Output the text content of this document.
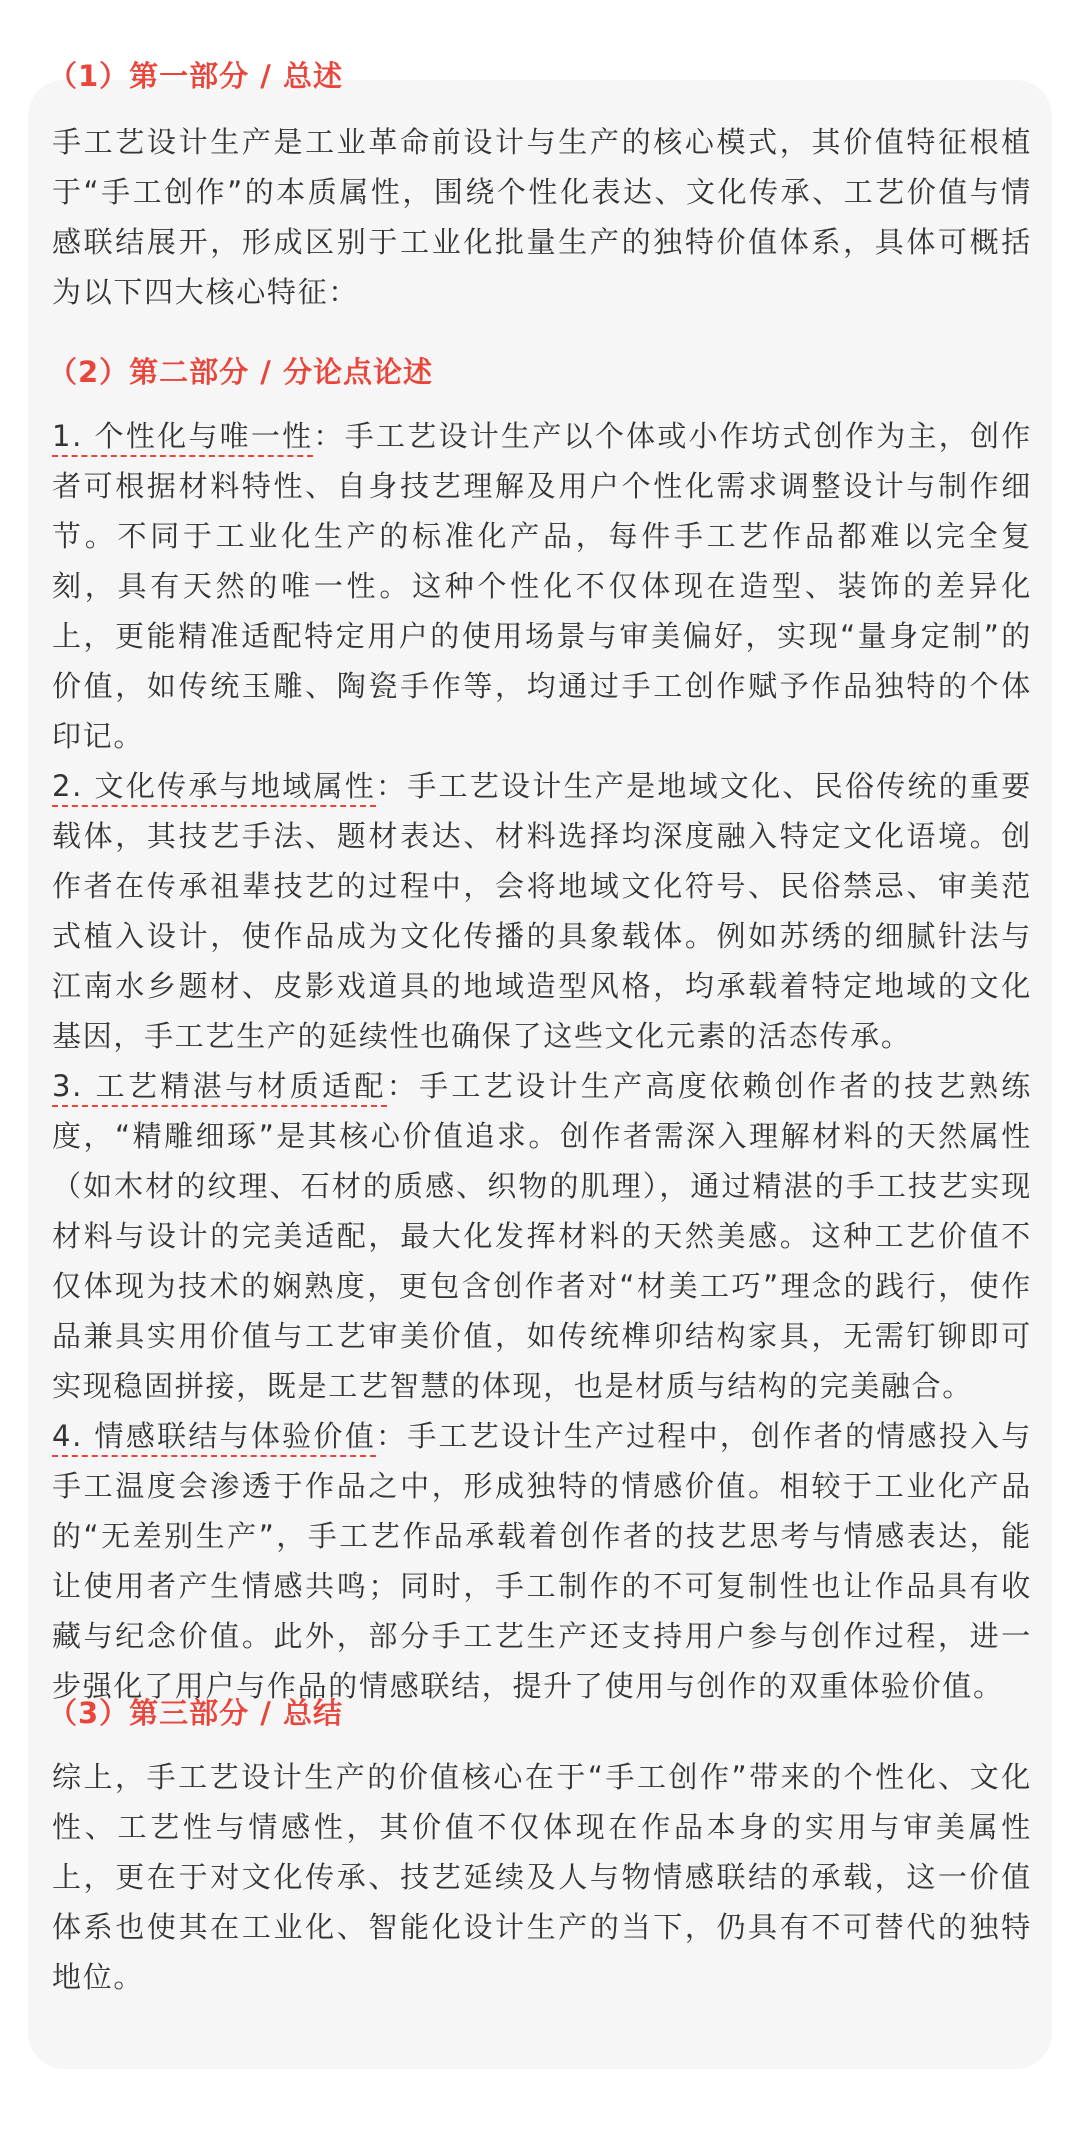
（1）第一部分 / 总述

手工艺设计生产是工业革命前设计与生产的核心模式，其价值特征根植于“手工创作”的本质属性，围绕个性化表达、文化传承、工艺价值与情感联结展开，形成区别于工业化批量生产的独特价值体系，具体可概括为以下四大核心特征：

（2）第二部分 / 分论点论述
1. 个性化与唯一性：手工艺设计生产以个体或小作坊式创作为主，创作者可根据材料特性、自身技艺理解及用户个性化需求调整设计与制作细节。不同于工业化生产的标准化产品，每件手工艺作品都难以完全复刻，具有天然的唯一性。这种个性化不仅体现在造型、装饰的差异化上，更能精准适配特定用户的使用场景与审美偏好，实现“量身定制”的价值，如传统玉雕、陶瓷手作等，均通过手工创作赋予作品独特的个体印记。
2. 文化传承与地域属性：手工艺设计生产是地域文化、民俗传统的重要载体，其技艺手法、题材表达、材料选择均深度融入特定文化语境。创作者在传承祖辈技艺的过程中，会将地域文化符号、民俗禁忌、审美范式植入设计，使作品成为文化传播的具象载体。例如苏绣的细腻针法与江南水乡题材、皮影戏道具的地域造型风格，均承载着特定地域的文化基因，手工艺生产的延续性也确保了这些文化元素的活态传承。
3. 工艺精湛与材质适配：手工艺设计生产高度依赖创作者的技艺熟练度，“精雕细琢”是其核心价值追求。创作者需深入理解材料的天然属性（如木材的纹理、石材的质感、织物的肌理），通过精湛的手工技艺实现材料与设计的完美适配，最大化发挥材料的天然美感。这种工艺价值不仅体现为技术的娴熟度，更包含创作者对“材美工巧”理念的践行，使作品兼具实用价值与工艺审美价值，如传统榫卯结构家具，无需钉铆即可实现稳固拼接，既是工艺智慧的体现，也是材质与结构的完美融合。
4. 情感联结与体验价值：手工艺设计生产过程中，创作者的情感投入与手工温度会渗透于作品之中，形成独特的情感价值。相较于工业化产品的“无差别生产”，手工艺作品承载着创作者的技艺思考与情感表达，能让使用者产生情感共鸣；同时，手工制作的不可复制性也让作品具有收藏与纪念价值。此外，部分手工艺生产还支持用户参与创作过程，进一步强化了用户与作品的情感联结，提升了使用与创作的双重体验价值。
（3）第三部分 / 总结

综上，手工艺设计生产的价值核心在于“手工创作”带来的个性化、文化性、工艺性与情感性，其价值不仅体现在作品本身的实用与审美属性上，更在于对文化传承、技艺延续及人与物情感联结的承载，这一价值体系也使其在工业化、智能化设计生产的当下，仍具有不可替代的独特地位。
